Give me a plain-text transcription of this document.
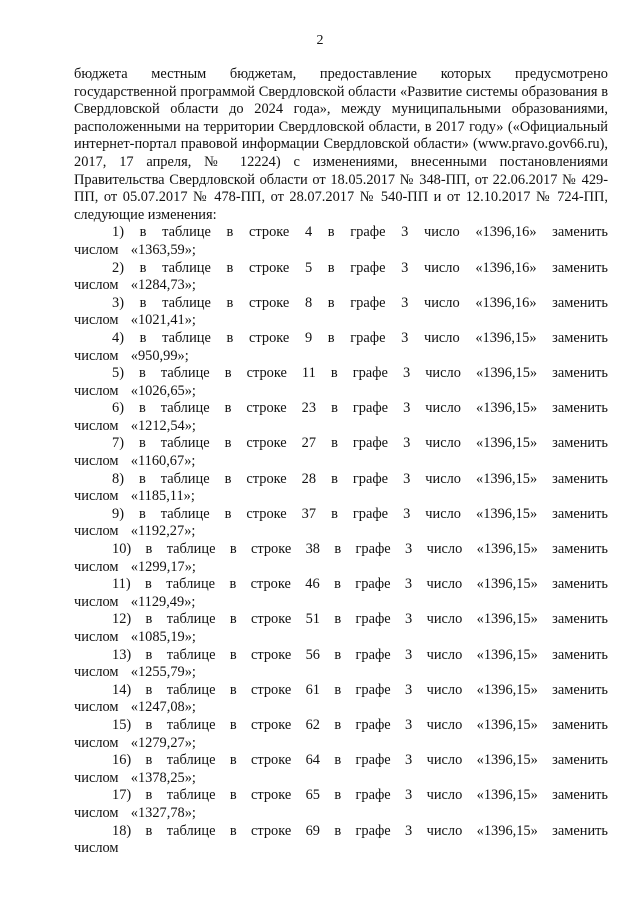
2

бюджета местным бюджетам, предоставление которых предусмотрено государственной программой Свердловской области «Развитие системы образования в Свердловской области до 2024 года», между муниципальными образованиями, расположенными на территории Свердловской области, в 2017 году» («Официальный интернет-портал правовой информации Свердловской области» (www.pravo.gov66.ru), 2017, 17 апреля, № 12224) с изменениями, внесенными постановлениями Правительства Свердловской области от 18.05.2017 № 348-ПП, от 22.06.2017 № 429-ПП, от 05.07.2017 № 478-ПП, от 28.07.2017 № 540-ПП и от 12.10.2017 № 724-ПП, следующие изменения:

1) в таблице в строке 4 в графе 3 число «1396,16» заменить числом «1363,59»;
2) в таблице в строке 5 в графе 3 число «1396,16» заменить числом «1284,73»;
3) в таблице в строке 8 в графе 3 число «1396,16» заменить числом «1021,41»;
4) в таблице в строке 9 в графе 3 число «1396,15» заменить числом «950,99»;
5) в таблице в строке 11 в графе 3 число «1396,15» заменить числом «1026,65»;
6) в таблице в строке 23 в графе 3 число «1396,15» заменить числом «1212,54»;
7) в таблице в строке 27 в графе 3 число «1396,15» заменить числом «1160,67»;
8) в таблице в строке 28 в графе 3 число «1396,15» заменить числом «1185,11»;
9) в таблице в строке 37 в графе 3 число «1396,15» заменить числом «1192,27»;
10) в таблице в строке 38 в графе 3 число «1396,15» заменить числом «1299,17»;
11) в таблице в строке 46 в графе 3 число «1396,15» заменить числом «1129,49»;
12) в таблице в строке 51 в графе 3 число «1396,15» заменить числом «1085,19»;
13) в таблице в строке 56 в графе 3 число «1396,15» заменить числом «1255,79»;
14) в таблице в строке 61 в графе 3 число «1396,15» заменить числом «1247,08»;
15) в таблице в строке 62 в графе 3 число «1396,15» заменить числом «1279,27»;
16) в таблице в строке 64 в графе 3 число «1396,15» заменить числом «1378,25»;
17) в таблице в строке 65 в графе 3 число «1396,15» заменить числом «1327,78»;
18) в таблице в строке 69 в графе 3 число «1396,15» заменить числом
